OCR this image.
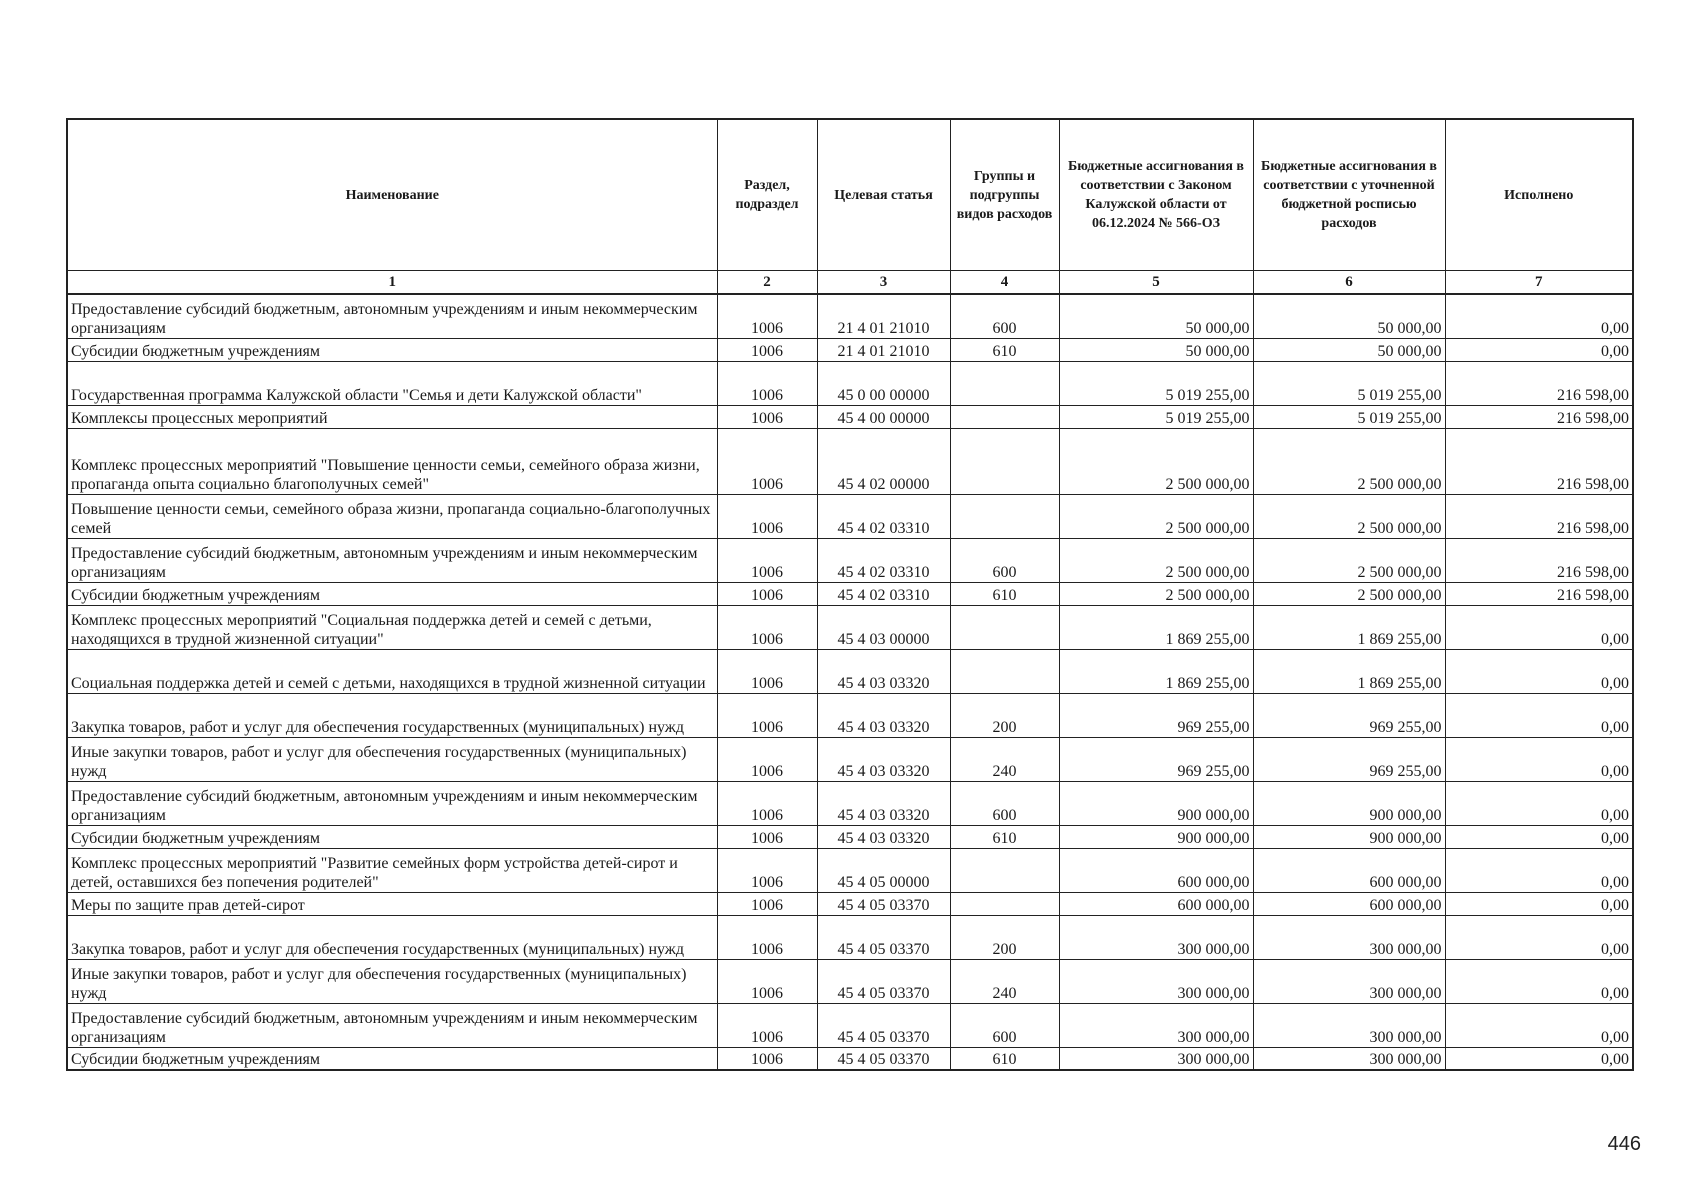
Наименование	Раздел, подраздел	Целевая статья	Группы и подгруппы видов расходов	Бюджетные ассигнования в соответствии с Законом Калужской области от 06.12.2024 № 566-ОЗ	Бюджетные ассигнования в соответствии с уточненной бюджетной росписью расходов	Исполнено
1	2	3	4	5	6	7
Предоставление субсидий бюджетным, автономным учреждениям и иным некоммерческим организациям	1006	21 4 01 21010	600	50 000,00	50 000,00	0,00
Субсидии бюджетным учреждениям	1006	21 4 01 21010	610	50 000,00	50 000,00	0,00
Государственная программа Калужской области "Семья и дети Калужской области"	1006	45 0 00 00000		5 019 255,00	5 019 255,00	216 598,00
Комплексы процессных мероприятий	1006	45 4 00 00000		5 019 255,00	5 019 255,00	216 598,00
Комплекс процессных мероприятий "Повышение ценности семьи, семейного образа жизни, пропаганда опыта социально благополучных семей"	1006	45 4 02 00000		2 500 000,00	2 500 000,00	216 598,00
Повышение ценности семьи, семейного образа жизни, пропаганда социально-благополучных семей	1006	45 4 02 03310		2 500 000,00	2 500 000,00	216 598,00
Предоставление субсидий бюджетным, автономным учреждениям и иным некоммерческим организациям	1006	45 4 02 03310	600	2 500 000,00	2 500 000,00	216 598,00
Субсидии бюджетным учреждениям	1006	45 4 02 03310	610	2 500 000,00	2 500 000,00	216 598,00
Комплекс процессных мероприятий "Социальная поддержка детей и семей с детьми, находящихся в трудной жизненной ситуации"	1006	45 4 03 00000		1 869 255,00	1 869 255,00	0,00
Социальная поддержка детей и семей с детьми, находящихся в трудной жизненной ситуации	1006	45 4 03 03320		1 869 255,00	1 869 255,00	0,00
Закупка товаров, работ и услуг для обеспечения государственных (муниципальных) нужд	1006	45 4 03 03320	200	969 255,00	969 255,00	0,00
Иные закупки товаров, работ и услуг для обеспечения государственных (муниципальных) нужд	1006	45 4 03 03320	240	969 255,00	969 255,00	0,00
Предоставление субсидий бюджетным, автономным учреждениям и иным некоммерческим организациям	1006	45 4 03 03320	600	900 000,00	900 000,00	0,00
Субсидии бюджетным учреждениям	1006	45 4 03 03320	610	900 000,00	900 000,00	0,00
Комплекс процессных мероприятий "Развитие семейных форм устройства детей-сирот и детей, оставшихся без попечения родителей"	1006	45 4 05 00000		600 000,00	600 000,00	0,00
Меры по защите прав детей-сирот	1006	45 4 05 03370		600 000,00	600 000,00	0,00
Закупка товаров, работ и услуг для обеспечения государственных (муниципальных) нужд	1006	45 4 05 03370	200	300 000,00	300 000,00	0,00
Иные закупки товаров, работ и услуг для обеспечения государственных (муниципальных) нужд	1006	45 4 05 03370	240	300 000,00	300 000,00	0,00
Предоставление субсидий бюджетным, автономным учреждениям и иным некоммерческим организациям	1006	45 4 05 03370	600	300 000,00	300 000,00	0,00
Субсидии бюджетным учреждениям	1006	45 4 05 03370	610	300 000,00	300 000,00	0,00
446
